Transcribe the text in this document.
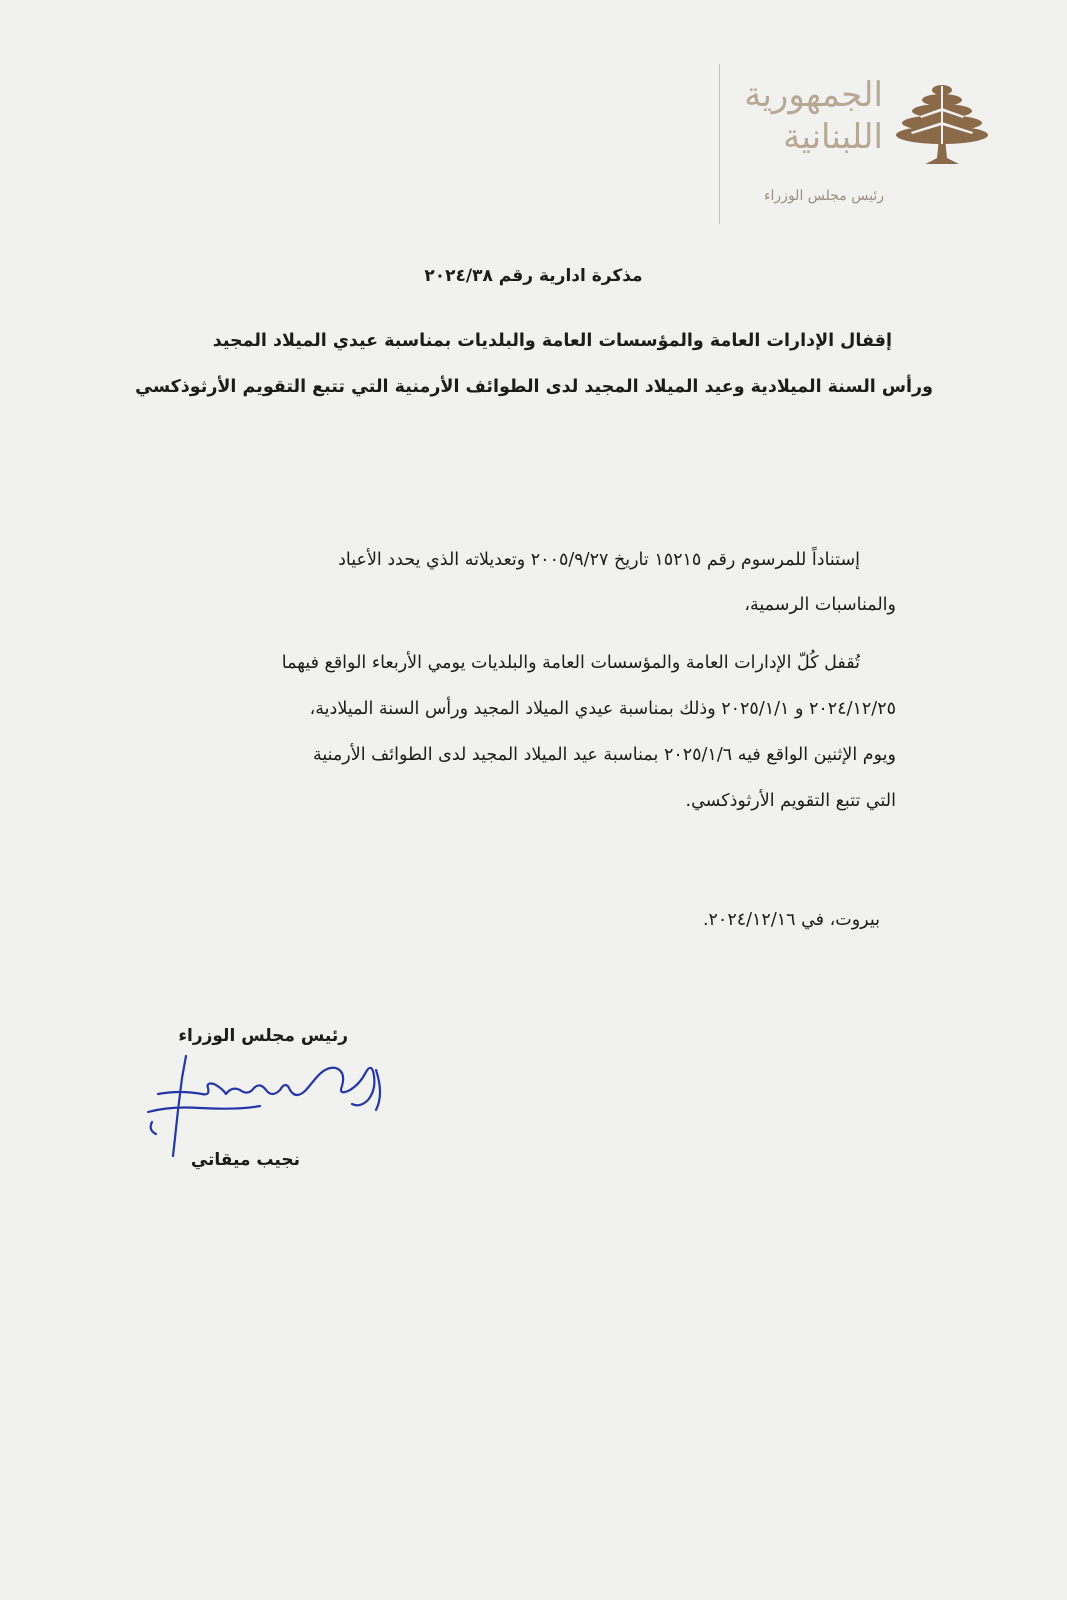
الجمهورية
اللبنانية
رئيس مجلس الوزراء
مذكرة ادارية رقم ٢٠٢٤/٣٨
إقفال الإدارات العامة والمؤسسات العامة والبلديات بمناسبة عيدي الميلاد المجيد
ورأس السنة الميلادية وعيد الميلاد المجيد لدى الطوائف الأرمنية التي تتبع التقويم الأرثوذكسي
إستناداً للمرسوم رقم ١٥٢١٥ تاريخ ٢٠٠٥/٩/٢٧ وتعديلاته الذي يحدد الأعياد
والمناسبات الرسمية،
تُقفل كُلّ الإدارات العامة والمؤسسات العامة والبلديات يومي الأربعاء الواقع فيهما
٢٠٢٤/١٢/٢٥ و ٢٠٢٥/١/١ وذلك بمناسبة عيدي الميلاد المجيد ورأس السنة الميلادية،
ويوم الإثنين الواقع فيه ٢٠٢٥/١/٦ بمناسبة عيد الميلاد المجيد لدى الطوائف الأرمنية
التي تتبع التقويم الأرثوذكسي.
بيروت، في ٢٠٢٤/١٢/١٦.
رئيس مجلس الوزراء
نجيب ميقاتي
